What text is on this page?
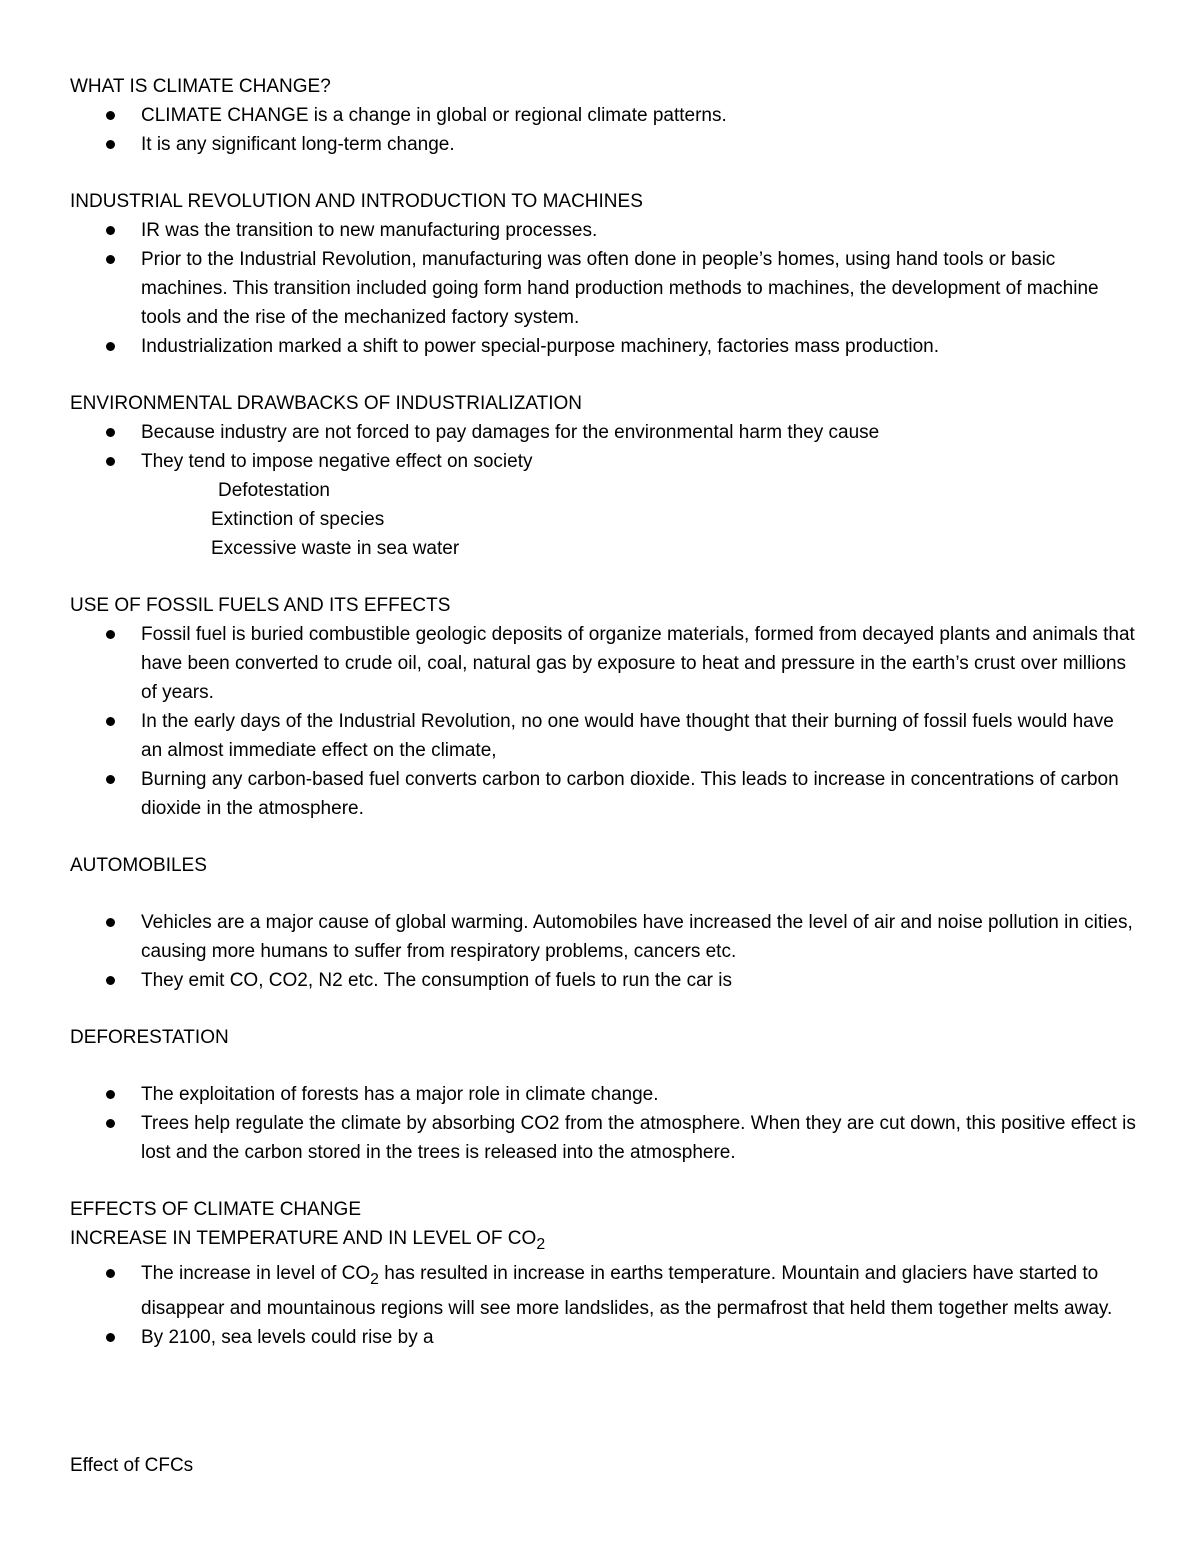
WHAT IS CLIMATE CHANGE?

CLIMATE CHANGE is a change in global or regional climate patterns.
It is any significant long-term change.

INDUSTRIAL REVOLUTION AND INTRODUCTION TO MACHINES

IR was the transition to new manufacturing processes.
Prior to the Industrial Revolution, manufacturing was often done in people’s homes, using hand tools or basic machines. This transition included going form hand production methods to machines, the development of machine tools and the rise of the mechanized factory system.
Industrialization marked a shift to power special-purpose machinery, factories mass production.

ENVIRONMENTAL DRAWBACKS OF INDUSTRIALIZATION

Because industry are not forced to pay damages for the environmental harm they cause
They tend to impose negative effect on society
Defotestation
Extinction of species
Excessive waste in sea water

USE OF FOSSIL FUELS AND ITS EFFECTS

Fossil fuel is buried combustible geologic deposits of organize materials, formed from decayed plants and animals that have been converted to crude oil, coal, natural gas by exposure to heat and pressure in the earth’s crust over millions of years.
In the early days of the Industrial Revolution, no one would have thought that their burning of fossil fuels would have an almost immediate effect on the climate,
Burning any carbon-based fuel converts carbon to carbon dioxide. This leads to increase in concentrations of carbon dioxide in the atmosphere.

AUTOMOBILES

Vehicles are a major cause of global warming. Automobiles have increased the level of air and noise pollution in cities, causing more humans to suffer from respiratory problems, cancers etc.
They emit CO, CO2, N2 etc. The consumption of fuels to run the car is

DEFORESTATION

The exploitation of forests has a major role in climate change.
Trees help regulate the climate by absorbing CO2 from the atmosphere. When they are cut down, this positive effect is lost and the carbon stored in the trees is released into the atmosphere.

EFFECTS OF CLIMATE CHANGE

INCREASE IN TEMPERATURE AND IN LEVEL OF $CO_2$

The increase in level of $CO_2$ has resulted in increase in earths temperature. Mountain and glaciers have started to disappear and mountainous regions will see more landslides, as the permafrost that held them together melts away.
By 2100, sea levels could rise by a

Effect of CFCs
